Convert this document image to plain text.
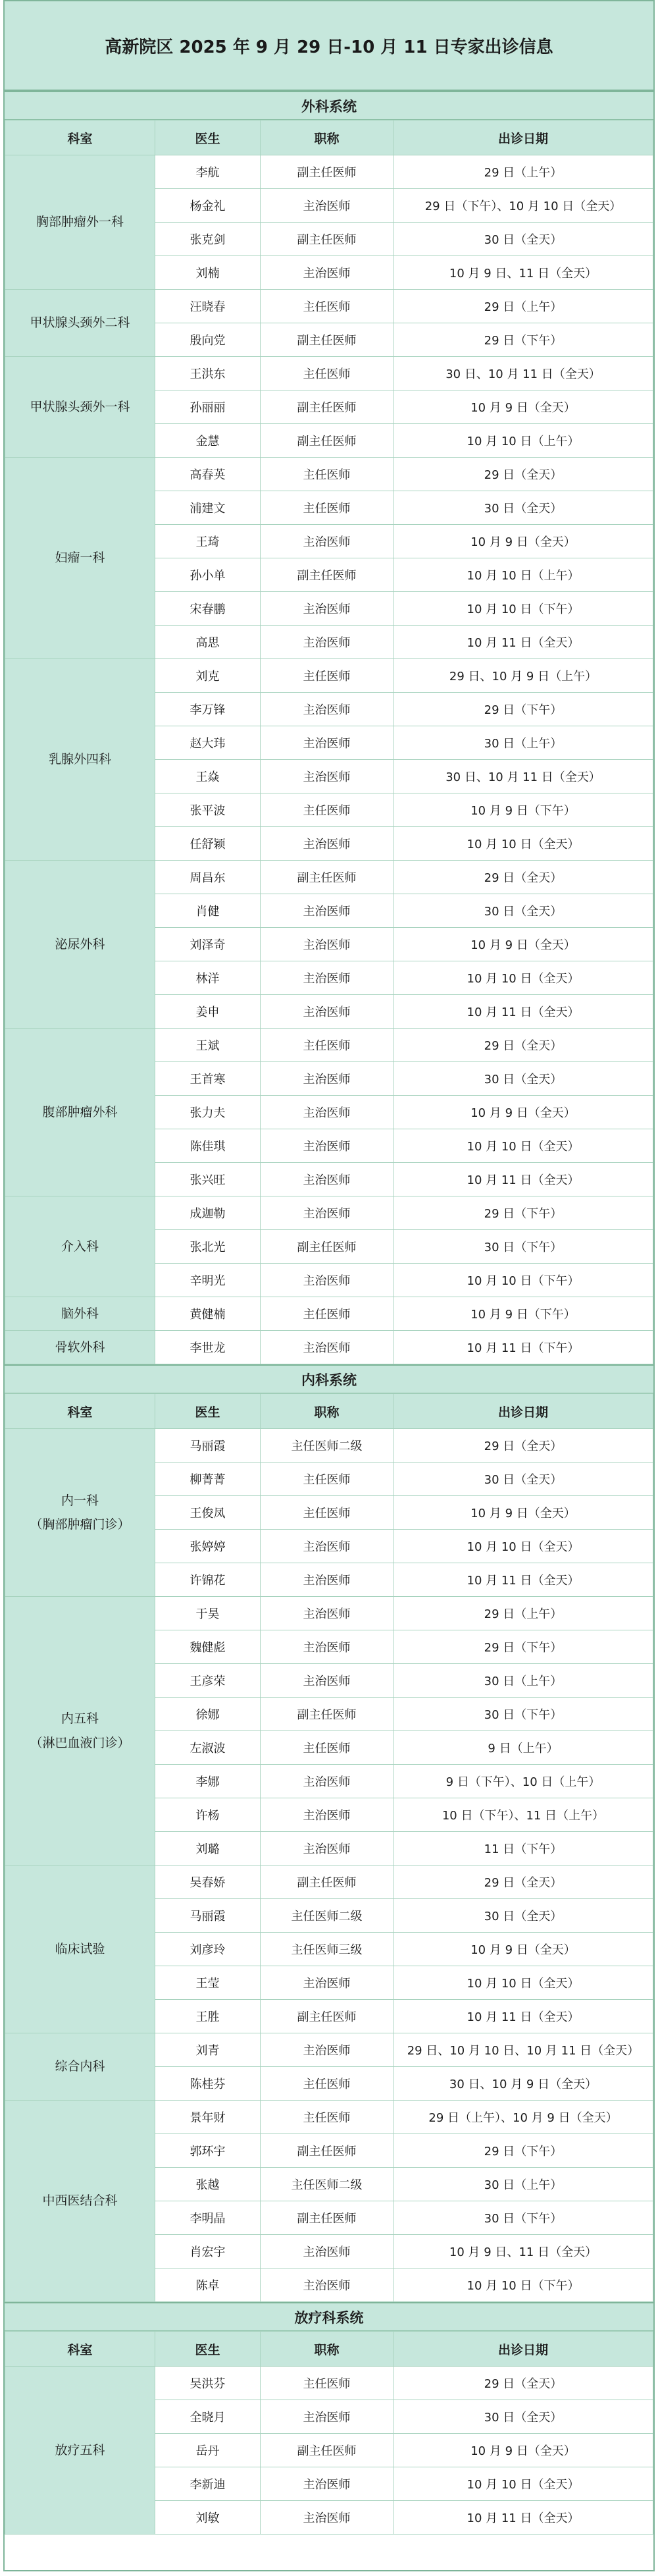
高新院区 2025 年 9 月 29 日-10 月 11 日专家出诊信息
外科系统
科室	医生	职称	出诊日期

胸部肿瘤外一科	李航	副主任医师	29 日（上午）
	杨金礼	主治医师	29 日（下午）、10 月 10 日（全天）
	张克剑	副主任医师	30 日（全天）
	刘楠	主治医师	10 月 9 日、11 日（全天）

甲状腺头颈外二科	汪晓春	主任医师	29 日（上午）
	殷向党	副主任医师	29 日（下午）

甲状腺头颈外一科	王洪东	主任医师	30 日、10 月 11 日（全天）
	孙丽丽	副主任医师	10 月 9 日（全天）
	金慧	副主任医师	10 月 10 日（上午）

妇瘤一科	高春英	主任医师	29 日（全天）
	浦建文	主任医师	30 日（全天）
	王琦	主治医师	10 月 9 日（全天）
	孙小单	副主任医师	10 月 10 日（上午）
	宋春鹏	主治医师	10 月 10 日（下午）
	高思	主治医师	10 月 11 日（全天）

乳腺外四科	刘克	主任医师	29 日、10 月 9 日（上午）
	李万锋	主治医师	29 日（下午）
	赵大玮	主治医师	30 日（上午）
	王焱	主治医师	30 日、10 月 11 日（全天）
	张平波	主任医师	10 月 9 日（下午）
	任舒颖	主治医师	10 月 10 日（全天）

泌尿外科	周昌东	副主任医师	29 日（全天）
	肖健	主治医师	30 日（全天）
	刘泽奇	主治医师	10 月 9 日（全天）
	林洋	主治医师	10 月 10 日（全天）
	姜申	主治医师	10 月 11 日（全天）

腹部肿瘤外科	王斌	主任医师	29 日（全天）
	王首寒	主治医师	30 日（全天）
	张力夫	主治医师	10 月 9 日（全天）
	陈佳琪	主治医师	10 月 10 日（全天）
	张兴旺	主治医师	10 月 11 日（全天）

介入科	成迦勒	主治医师	29 日（下午）
	张北光	副主任医师	30 日（下午）
	辛明光	主治医师	10 月 10 日（下午）

脑外科	黄健楠	主任医师	10 月 9 日（下午）

骨软外科	李世龙	主治医师	10 月 11 日（下午）
内科系统
科室	医生	职称	出诊日期

内一科
（胸部肿瘤门诊）	马丽霞	主任医师二级	29 日（全天）
	柳菁菁	主任医师	30 日（全天）
	王俊凤	主任医师	10 月 9 日（全天）
	张婷婷	主治医师	10 月 10 日（全天）
	许锦花	主治医师	10 月 11 日（全天）

内五科
（淋巴血液门诊）	于昊	主治医师	29 日（上午）
	魏健彪	主治医师	29 日（下午）
	王彦荣	主治医师	30 日（上午）
	徐娜	副主任医师	30 日（下午）
	左淑波	主任医师	9 日（上午）
	李娜	主治医师	9 日（下午）、10 日（上午）
	许杨	主治医师	10 日（下午）、11 日（上午）
	刘璐	主治医师	11 日（下午）

临床试验	吴春娇	副主任医师	29 日（全天）
	马丽霞	主任医师二级	30 日（全天）
	刘彦玲	主任医师三级	10 月 9 日（全天）
	王莹	主治医师	10 月 10 日（全天）
	王胜	副主任医师	10 月 11 日（全天）

综合内科	刘青	主治医师	29 日、10 月 10 日、10 月 11 日（全天）
	陈桂芬	主任医师	30 日、10 月 9 日（全天）

中西医结合科	景年财	主任医师	29 日（上午）、10 月 9 日（全天）
	郭环宇	副主任医师	29 日（下午）
	张越	主任医师二级	30 日（上午）
	李明晶	副主任医师	30 日（下午）
	肖宏宇	主治医师	10 月 9 日、11 日（全天）
	陈卓	主治医师	10 月 10 日（下午）
放疗科系统
科室	医生	职称	出诊日期

放疗五科	吴洪芬	主任医师	29 日（全天）
	全晓月	主治医师	30 日（全天）
	岳丹	副主任医师	10 月 9 日（全天）
	李新迪	主治医师	10 月 10 日（全天）
	刘敏	主治医师	10 月 11 日（全天）
